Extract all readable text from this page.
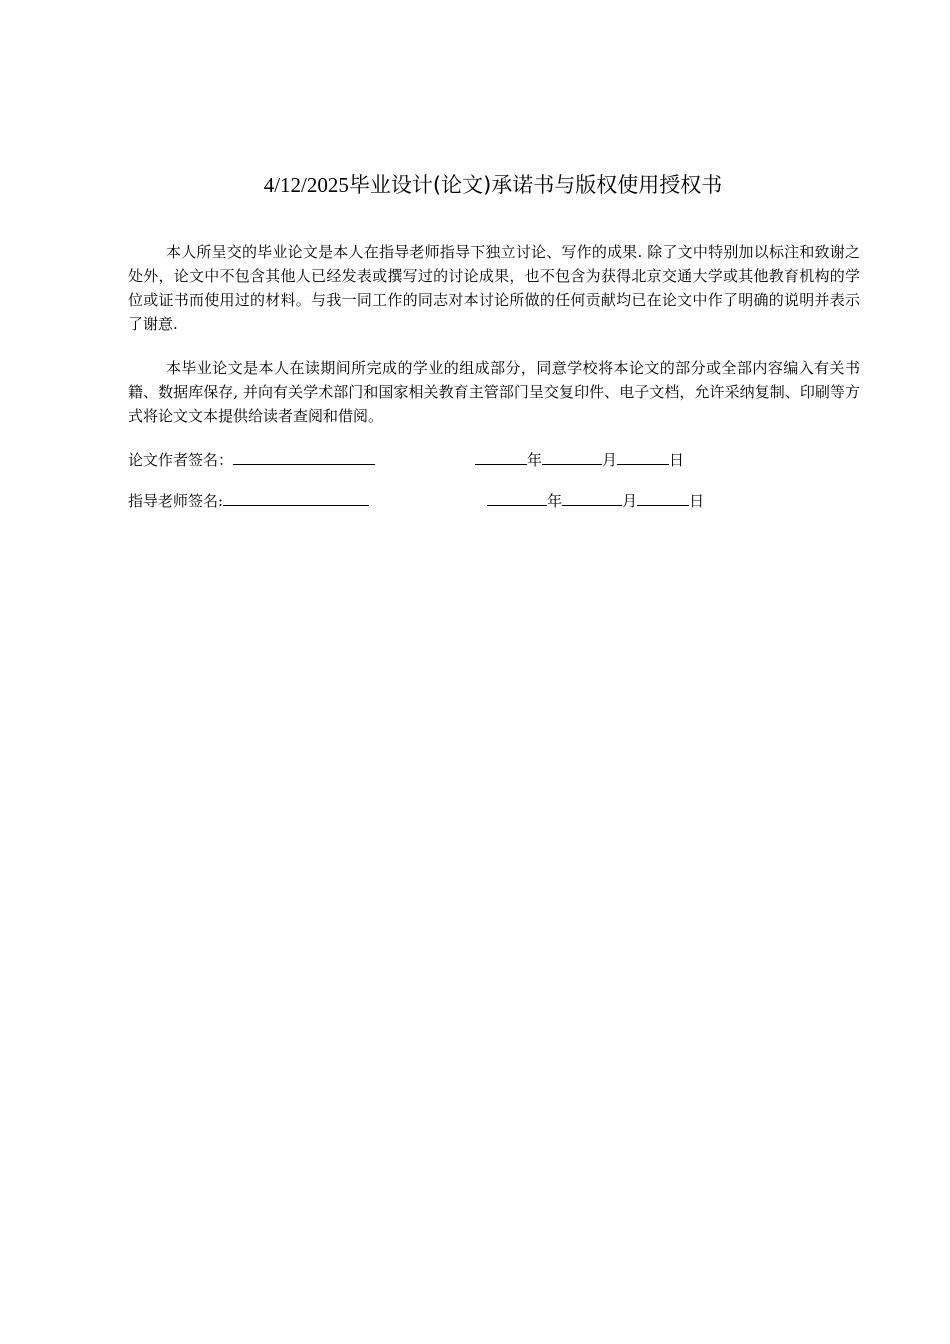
4/12/2025毕业设计(论文)承诺书与版权使用授权书

本人所呈交的毕业论文是本人在指导老师指导下独立讨论、写作的成果. 除了文中特别加以标注和致谢之处外，论文中不包含其他人已经发表或撰写过的讨论成果，也不包含为获得北京交通大学或其他教育机构的学位或证书而使用过的材料。与我一同工作的同志对本讨论所做的任何贡献均已在论文中作了明确的说明并表示了谢意.

本毕业论文是本人在读期间所完成的学业的组成部分，同意学校将本论文的部分或全部内容编入有关书籍、数据库保存, 并向有关学术部门和国家相关教育主管部门呈交复印件、电子文档，允许采纳复制、印刷等方式将论文文本提供给读者查阅和借阅。

论文作者签名：	年	月	日
指导老师签名:	年	月	日
